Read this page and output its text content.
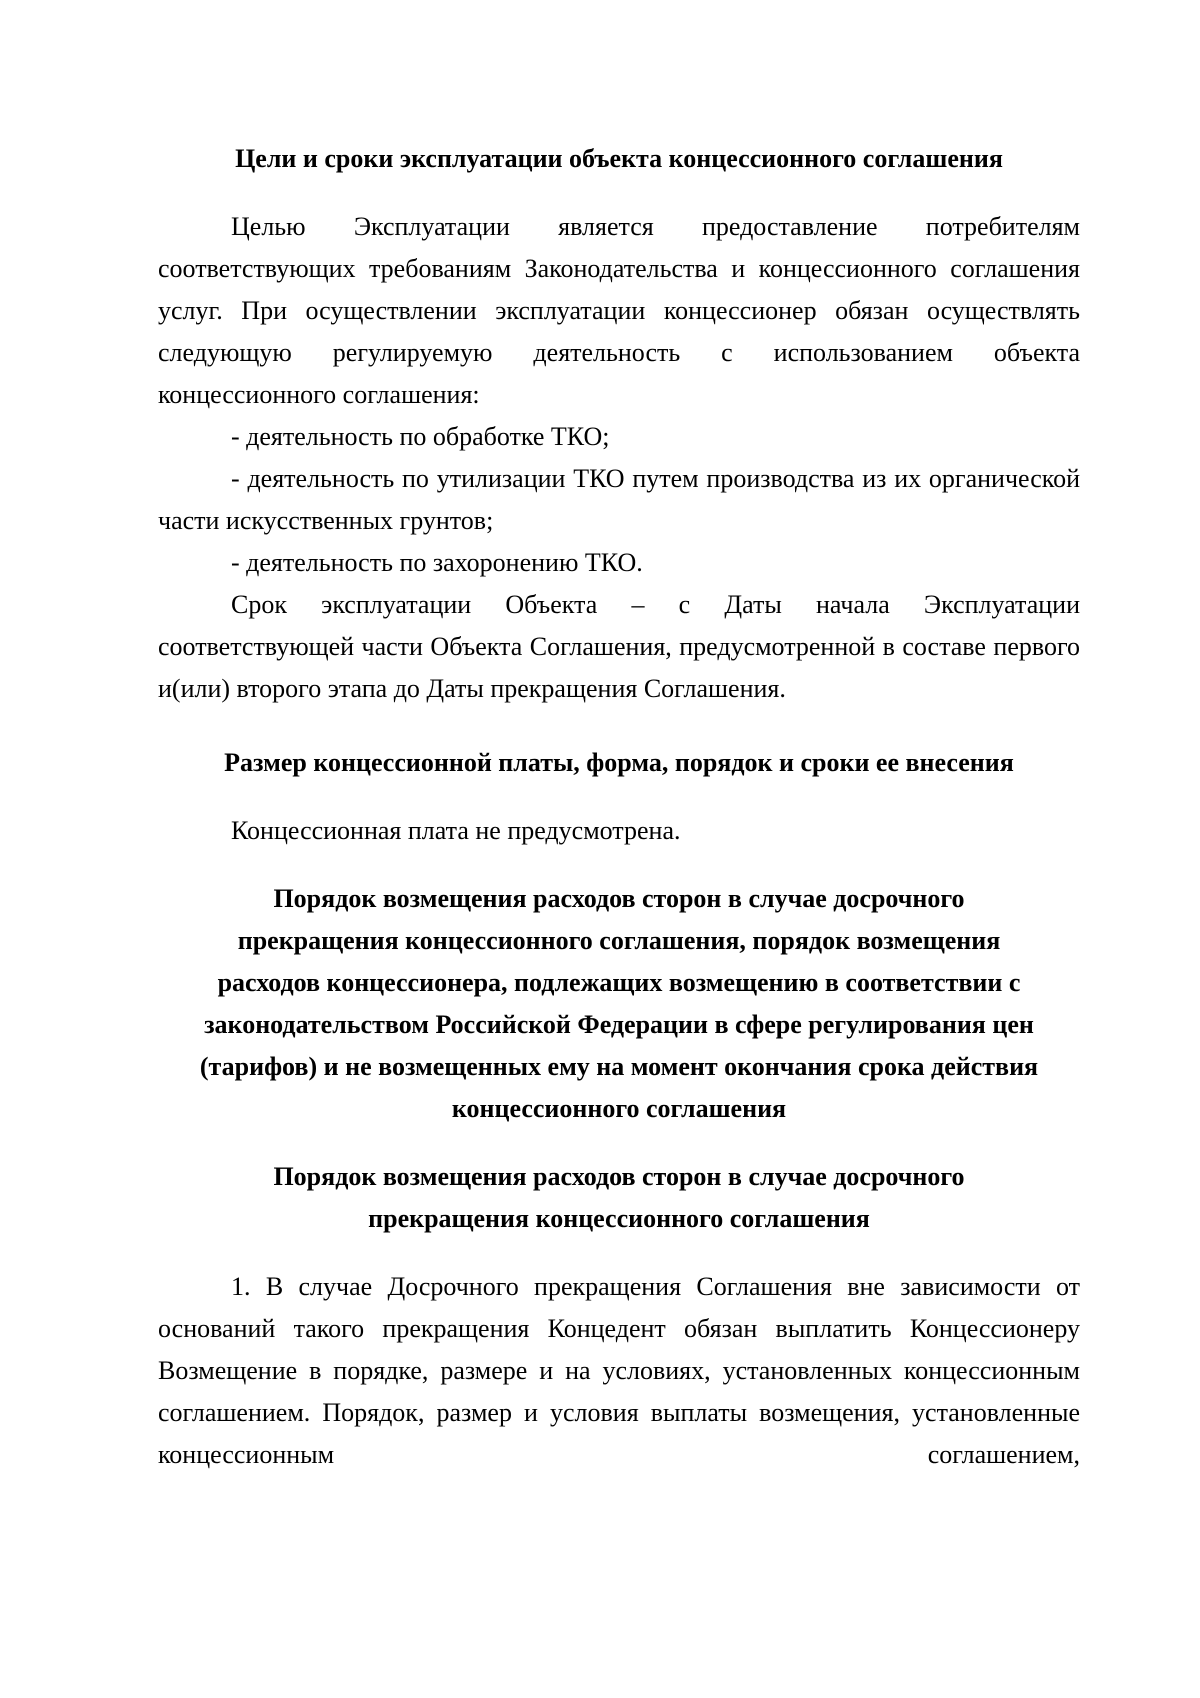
Цели и сроки эксплуатации объекта концессионного соглашения

Целью Эксплуатации является предоставление потребителям соответствующих требованиям Законодательства и концессионного соглашения услуг. При осуществлении эксплуатации концессионер обязан осуществлять следующую регулируемую деятельность с использованием объекта концессионного соглашения:

- деятельность по обработке ТКО;

- деятельность по утилизации ТКО путем производства из их органической части искусственных грунтов;

- деятельность по захоронению ТКО.

Срок эксплуатации Объекта – с Даты начала Эксплуатации соответствующей части Объекта Соглашения, предусмотренной в составе первого и(или) второго этапа до Даты прекращения Соглашения.

Размер концессионной платы, форма, порядок и сроки ее внесения

Концессионная плата не предусмотрена.

Порядок возмещения расходов сторон в случае досрочного
прекращения концессионного соглашения, порядок возмещения
расходов концессионера, подлежащих возмещению в соответствии с
законодательством Российской Федерации в сфере регулирования цен
(тарифов) и не возмещенных ему на момент окончания срока действия
концессионного соглашения
Порядок возмещения расходов сторон в случае досрочного
прекращения концессионного соглашения

1. В случае Досрочного прекращения Соглашения вне зависимости от оснований такого прекращения Концедент обязан выплатить Концессионеру Возмещение в порядке, размере и на условиях, установленных концессионным соглашением. Порядок, размер и условия выплаты возмещения, установленные концессионным соглашением,
